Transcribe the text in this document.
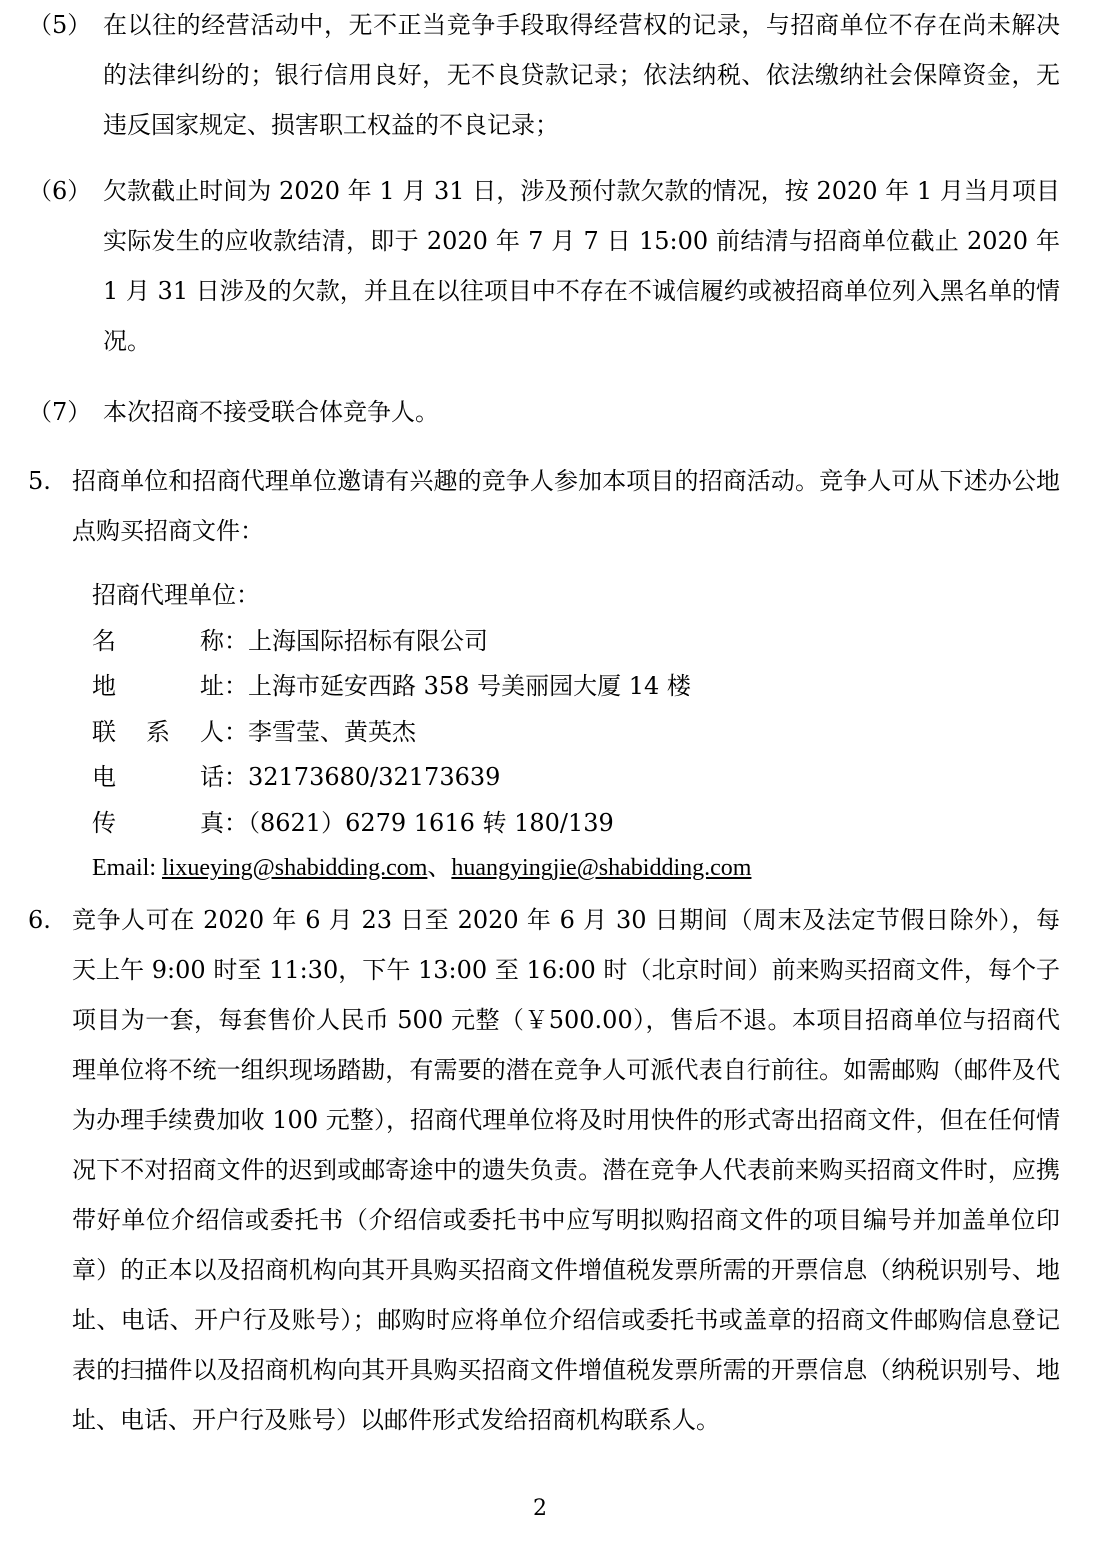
（5） 在以往的经营活动中，无不正当竞争手段取得经营权的记录，与招商单位不存在尚未解决的法律纠纷的；银行信用良好，无不良贷款记录；依法纳税、依法缴纳社会保障资金，无违反国家规定、损害职工权益的不良记录；
（6） 欠款截止时间为 2020 年 1 月 31 日，涉及预付款欠款的情况，按 2020 年 1 月当月项目实际发生的应收款结清，即于 2020 年 7 月 7 日 15:00 前结清与招商单位截止 2020 年 1 月 31 日涉及的欠款，并且在以往项目中不存在不诚信履约或被招商单位列入黑名单的情况。
（7） 本次招商不接受联合体竞争人。
5. 招商单位和招商代理单位邀请有兴趣的竞争人参加本项目的招商活动。竞争人可从下述办公地点购买招商文件：
招商代理单位：
名称：上海国际招标有限公司
地址：上海市延安西路 358 号美丽园大厦 14 楼
联系人：李雪莹、黄英杰
电话：32173680/32173639
传真：（8621）6279 1616 转 180/139
Email: lixueying@shabidding.com、huangyingjie@shabidding.com
6. 竞争人可在 2020 年 6 月 23 日至 2020 年 6 月 30 日期间（周末及法定节假日除外），每天上午 9:00 时至 11:30，下午 13:00 至 16:00 时（北京时间）前来购买招商文件，每个子项目为一套，每套售价人民币 500 元整（￥500.00），售后不退。本项目招商单位与招商代理单位将不统一组织现场踏勘，有需要的潜在竞争人可派代表自行前往。如需邮购（邮件及代为办理手续费加收 100 元整），招商代理单位将及时用快件的形式寄出招商文件，但在任何情况下不对招商文件的迟到或邮寄途中的遗失负责。潜在竞争人代表前来购买招商文件时，应携带好单位介绍信或委托书（介绍信或委托书中应写明拟购招商文件的项目编号并加盖单位印章）的正本以及招商机构向其开具购买招商文件增值税发票所需的开票信息（纳税识别号、地址、电话、开户行及账号）；邮购时应将单位介绍信或委托书或盖章的招商文件邮购信息登记表的扫描件以及招商机构向其开具购买招商文件增值税发票所需的开票信息（纳税识别号、地址、电话、开户行及账号）以邮件形式发给招商机构联系人。
2
